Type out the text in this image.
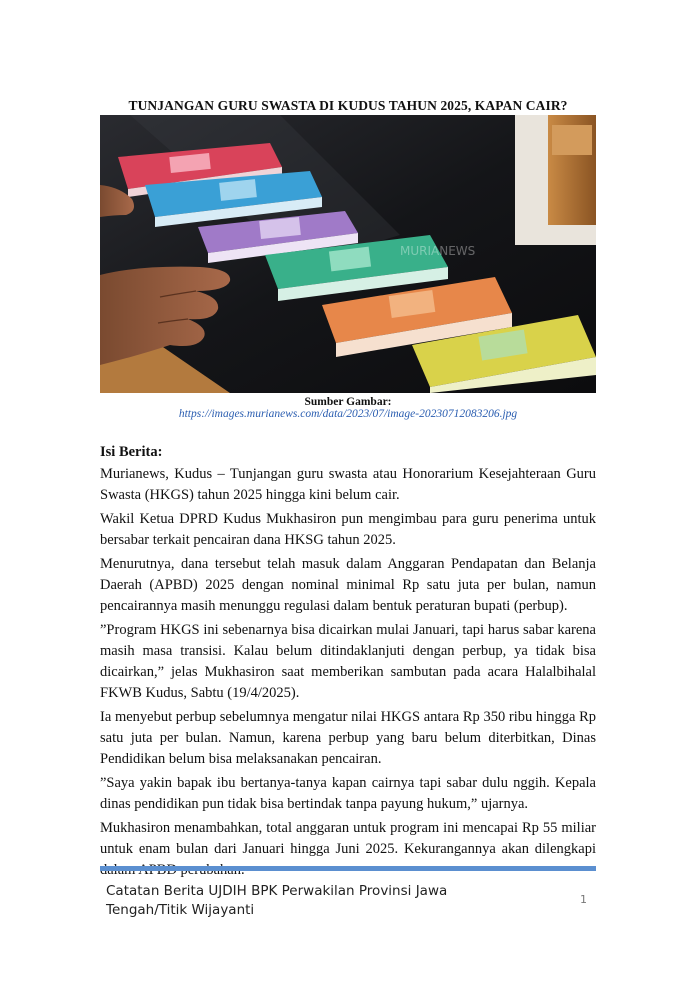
TUNJANGAN GURU SWASTA DI KUDUS TAHUN 2025, KAPAN CAIR?
MURIANEWS
Sumber Gambar:
https://images.murianews.com/data/2023/07/image-20230712083206.jpg
Isi Berita:

Murianews, Kudus – Tunjangan guru swasta atau Honorarium Kesejahteraan Guru Swasta (HKGS) tahun 2025 hingga kini belum cair.

Wakil Ketua DPRD Kudus Mukhasiron pun mengimbau para guru penerima untuk bersabar terkait pencairan dana HKSG tahun 2025.

Menurutnya, dana tersebut telah masuk dalam Anggaran Pendapatan dan Belanja Daerah (APBD) 2025 dengan nominal minimal Rp satu juta per bulan, namun pencairannya masih menunggu regulasi dalam bentuk peraturan bupati (perbup).

”Program HKGS ini sebenarnya bisa dicairkan mulai Januari, tapi harus sabar karena masih masa transisi. Kalau belum ditindaklanjuti dengan perbup, ya tidak bisa dicairkan,” jelas Mukhasiron saat memberikan sambutan pada acara Halalbihalal FKWB Kudus, Sabtu (19/4/2025).

Ia menyebut perbup sebelumnya mengatur nilai HKGS antara Rp 350 ribu hingga Rp satu juta per bulan. Namun, karena perbup yang baru belum diterbitkan, Dinas Pendidikan belum bisa melaksanakan pencairan.

”Saya yakin bapak ibu bertanya-tanya kapan cairnya tapi sabar dulu nggih. Kepala dinas pendidikan pun tidak bisa bertindak tanpa payung hukum,” ujarnya.

Mukhasiron menambahkan, total anggaran untuk program ini mencapai Rp 55 miliar untuk enam bulan dari Januari hingga Juni 2025. Kekurangannya akan dilengkapi

Catatan Berita UJDIH BPK Perwakilan Provinsi Jawa Tengah/Titik Wijayanti
1
